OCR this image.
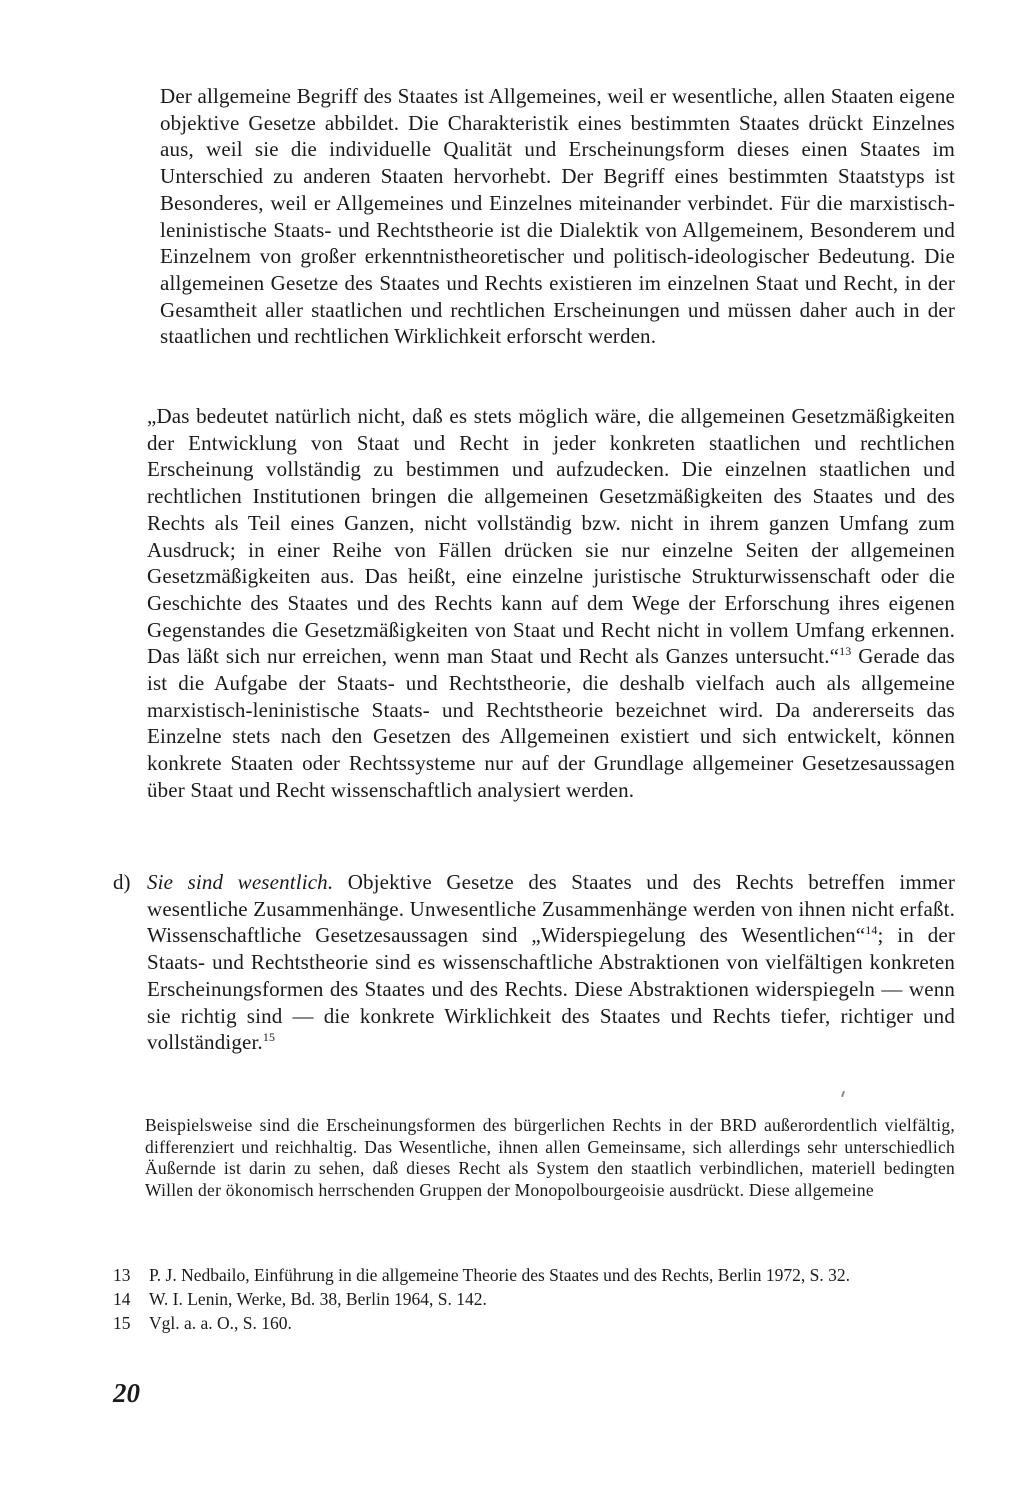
Der allgemeine Begriff des Staates ist Allgemeines, weil er wesentliche, allen Staaten eigene objektive Gesetze abbildet. Die Charakteristik eines bestimmten Staates drückt Einzelnes aus, weil sie die individuelle Qualität und Erscheinungsform dieses einen Staates im Unterschied zu anderen Staaten hervorhebt. Der Begriff eines bestimmten Staatstyps ist Besonderes, weil er Allgemeines und Einzelnes miteinander verbindet. Für die marxistisch-leninistische Staats- und Rechtstheorie ist die Dialektik von Allgemeinem, Besonderem und Einzelnem von großer erkenntnistheoretischer und politisch-ideologischer Bedeutung. Die allgemeinen Gesetze des Staates und Rechts existieren im einzelnen Staat und Recht, in der Gesamtheit aller staatlichen und rechtlichen Erscheinungen und müssen daher auch in der staatlichen und rechtlichen Wirklichkeit erforscht werden.

„Das bedeutet natürlich nicht, daß es stets möglich wäre, die allgemeinen Gesetzmäßigkeiten der Entwicklung von Staat und Recht in jeder konkreten staatlichen und rechtlichen Erscheinung vollständig zu bestimmen und aufzudecken. Die einzelnen staatlichen und rechtlichen Institutionen bringen die allgemeinen Gesetzmäßigkeiten des Staates und des Rechts als Teil eines Ganzen, nicht vollständig bzw. nicht in ihrem ganzen Umfang zum Ausdruck; in einer Reihe von Fällen drücken sie nur einzelne Seiten der allgemeinen Gesetzmäßigkeiten aus. Das heißt, eine einzelne juristische Strukturwissenschaft oder die Geschichte des Staates und des Rechts kann auf dem Wege der Erforschung ihres eigenen Gegenstandes die Gesetzmäßigkeiten von Staat und Recht nicht in vollem Umfang erkennen. Das läßt sich nur erreichen, wenn man Staat und Recht als Ganzes untersucht.“$^{13}$ Gerade das ist die Aufgabe der Staats- und Rechtstheorie, die deshalb vielfach auch als allgemeine marxistisch-leninistische Staats- und Rechtstheorie bezeichnet wird. Da andererseits das Einzelne stets nach den Gesetzen des Allgemeinen existiert und sich entwickelt, können konkrete Staaten oder Rechtssysteme nur auf der Grundlage allgemeiner Gesetzesaussagen über Staat und Recht wissenschaftlich analysiert werden.

d) Sie sind wesentlich. Objektive Gesetze des Staates und des Rechts betreffen immer wesentliche Zusammenhänge. Unwesentliche Zusammenhänge werden von ihnen nicht erfaßt. Wissenschaftliche Gesetzesaussagen sind „Widerspiegelung des Wesentlichen“$^{14}$; in der Staats- und Rechtstheorie sind es wissenschaftliche Abstraktionen von vielfältigen konkreten Erscheinungsformen des Staates und des Rechts. Diese Abstraktionen widerspiegeln — wenn sie richtig sind — die konkrete Wirklichkeit des Staates und Rechts tiefer, richtiger und vollständiger.$^{15}$

Beispielsweise sind die Erscheinungsformen des bürgerlichen Rechts in der BRD außerordentlich vielfältig, differenziert und reichhaltig. Das Wesentliche, ihnen allen Gemeinsame, sich allerdings sehr unterschiedlich Äußernde ist darin zu sehen, daß dieses Recht als System den staatlich verbindlichen, materiell bedingten Willen der ökonomisch herrschenden Gruppen der Monopolbourgeoisie ausdrückt. Diese allgemeine

13	P. J. Nedbailo, Einführung in die allgemeine Theorie des Staates und des Rechts, Berlin 1972, S. 32.
14	W. I. Lenin, Werke, Bd. 38, Berlin 1964, S. 142.
15	Vgl. a. a. O., S. 160.
20
